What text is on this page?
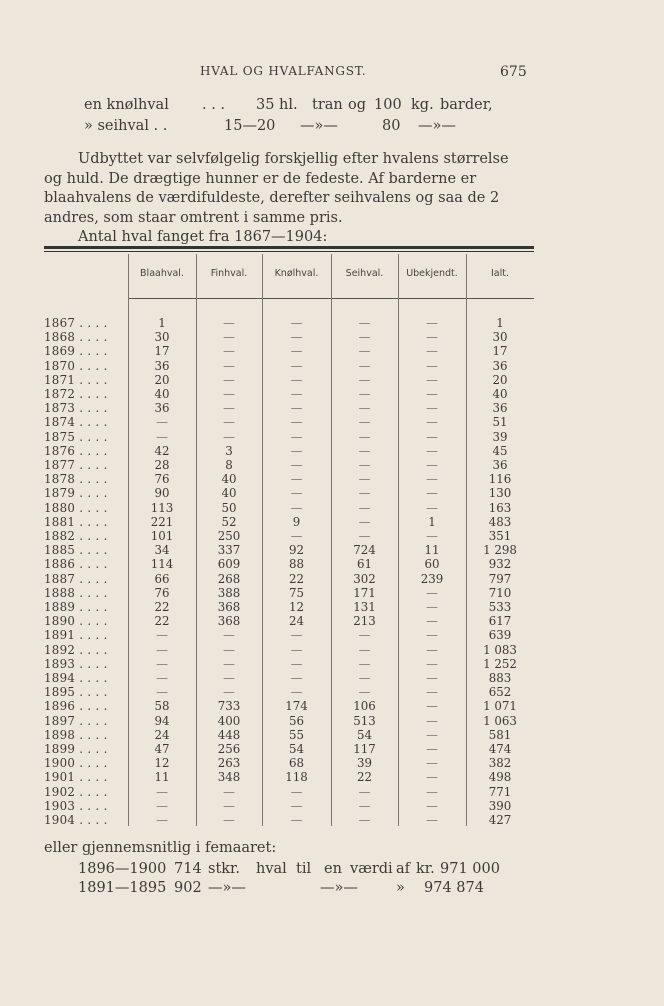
HVAL OG HVALFANGST.	675
en knølhval . . . 35 hl. tran og 100 kg. barder,
» seihval . .	15—20 —»—	80 —»—
Udbyttet var selvfølgelig forskjellig efter hvalens størrelse
og huld. De drægtige hunner er de fedeste. Af barderne er
blaahvalens de værdifuldeste, derefter seihvalens og saa de 2
andres, som staar omtrent i samme pris.
Antal hval fanget fra 1867—1904:
Blaahval.	Finhval.	Knølhval.	Seihval.	Ubekjendt.	Ialt.
1867 . . . .	1	—	—	—	—	1
1868 . . . .	30	—	—	—	—	30
1869 . . . .	17	—	—	—	—	17
1870 . . . .	36	—	—	—	—	36
1871 . . . .	20	—	—	—	—	20
1872 . . . .	40	—	—	—	—	40
1873 . . . .	36	—	—	—	—	36
1874 . . . .	—	—	—	—	—	51
1875 . . . .	—	—	—	—	—	39
1876 . . . .	42	3	—	—	—	45
1877 . . . .	28	8	—	—	—	36
1878 . . . .	76	40	—	—	—	116
1879 . . . .	90	40	—	—	—	130
1880 . . . .	113	50	—	—	—	163
1881 . . . .	221	52	9	—	1	483
1882 . . . .	101	250	—	—	—	351
1885 . . . .	34	337	92	724	11	1 298
1886 . . . .	114	609	88	61	60	932
1887 . . . .	66	268	22	302	239	797
1888 . . . .	76	388	75	171	—	710
1889 . . . .	22	368	12	131	—	533
1890 . . . .	22	368	24	213	—	617
1891 . . . .	—	—	—	—	—	639
1892 . . . .	—	—	—	—	—	1 083
1893 . . . .	—	—	—	—	—	1 252
1894 . . . .	—	—	—	—	—	883
1895 . . . .	—	—	—	—	—	652
1896 . . . .	58	733	174	106	—	1 071
1897 . . . .	94	400	56	513	—	1 063
1898 . . . .	24	448	55	54	—	581
1899 . . . .	47	256	54	117	—	474
1900 . . . .	12	263	68	39	—	382
1901 . . . .	11	348	118	22	—	498
1902 . . . .	—	—	—	—	—	771
1903 . . . .	—	—	—	—	—	390
1904 . . . .	—	—	—	—	—	427
eller gjennemsnitlig i femaaret:
1896—1900 714 stkr. hval til en værdi af kr. 971 000
1891—1895 902 —»—	—»—	» 974 874
